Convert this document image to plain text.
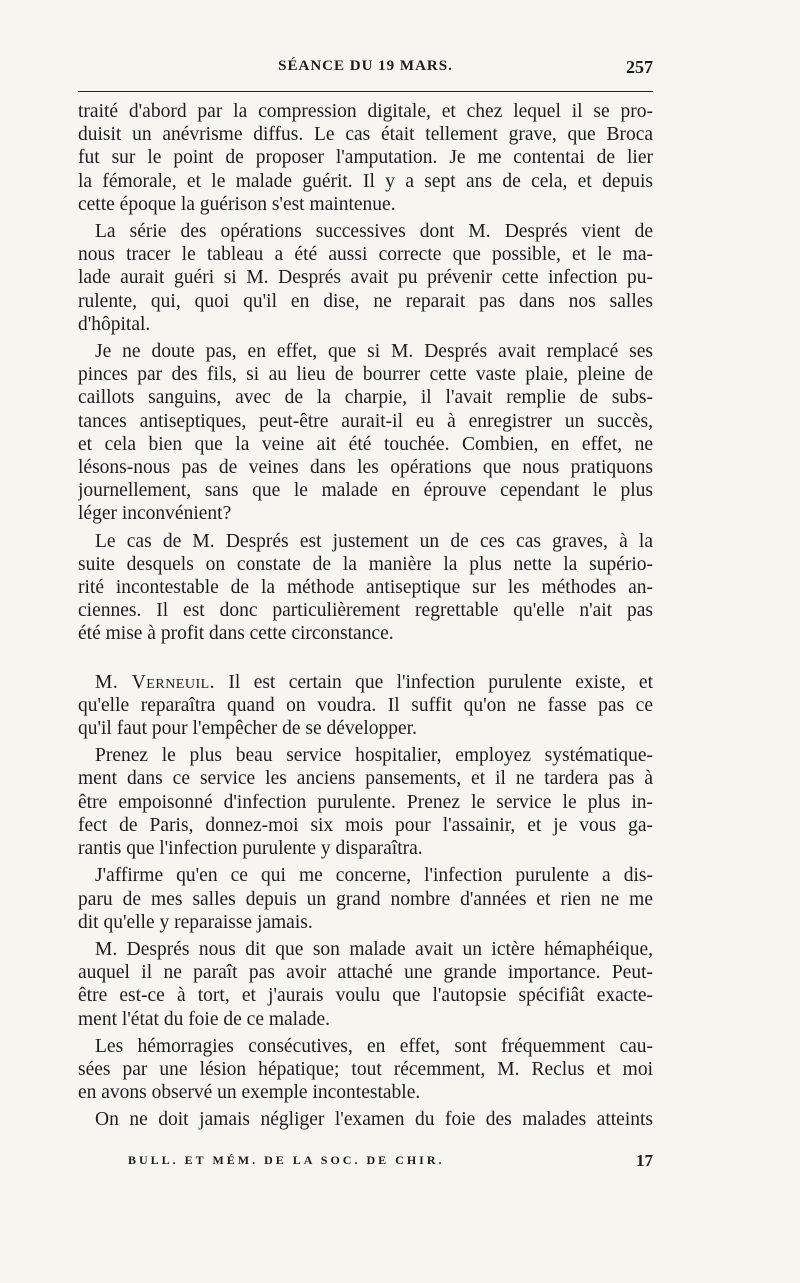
SÉANCE DU 19 MARS.	257
traité d'abord par la compression digitale, et chez lequel il se pro-
duisit un anévrisme diffus. Le cas était tellement grave, que Broca
fut sur le point de proposer l'amputation. Je me contentai de lier
la fémorale, et le malade guérit. Il y a sept ans de cela, et depuis
cette époque la guérison s'est maintenue.
La série des opérations successives dont M. Després vient de
nous tracer le tableau a été aussi correcte que possible, et le ma-
lade aurait guéri si M. Després avait pu prévenir cette infection pu-
rulente, qui, quoi qu'il en dise, ne reparait pas dans nos salles
d'hôpital.
Je ne doute pas, en effet, que si M. Després avait remplacé ses
pinces par des fils, si au lieu de bourrer cette vaste plaie, pleine de
caillots sanguins, avec de la charpie, il l'avait remplie de subs-
tances antiseptiques, peut-être aurait-il eu à enregistrer un succès,
et cela bien que la veine ait été touchée. Combien, en effet, ne
lésons-nous pas de veines dans les opérations que nous pratiquons
journellement, sans que le malade en éprouve cependant le plus
léger inconvénient?
Le cas de M. Després est justement un de ces cas graves, à la
suite desquels on constate de la manière la plus nette la supério-
rité incontestable de la méthode antiseptique sur les méthodes an-
ciennes. Il est donc particulièrement regrettable qu'elle n'ait pas
été mise à profit dans cette circonstance.
M. Verneuil. Il est certain que l'infection purulente existe, et
qu'elle reparaîtra quand on voudra. Il suffit qu'on ne fasse pas ce
qu'il faut pour l'empêcher de se développer.
Prenez le plus beau service hospitalier, employez systématique-
ment dans ce service les anciens pansements, et il ne tardera pas à
être empoisonné d'infection purulente. Prenez le service le plus in-
fect de Paris, donnez-moi six mois pour l'assainir, et je vous ga-
rantis que l'infection purulente y disparaîtra.
J'affirme qu'en ce qui me concerne, l'infection purulente a dis-
paru de mes salles depuis un grand nombre d'années et rien ne me
dit qu'elle y reparaisse jamais.
M. Després nous dit que son malade avait un ictère hémaphéique,
auquel il ne paraît pas avoir attaché une grande importance. Peut-
être est-ce à tort, et j'aurais voulu que l'autopsie spécifiât exacte-
ment l'état du foie de ce malade.
Les hémorragies consécutives, en effet, sont fréquemment cau-
sées par une lésion hépatique; tout récemment, M. Reclus et moi
en avons observé un exemple incontestable.
On ne doit jamais négliger l'examen du foie des malades atteints
BULL. ET MÉM. DE LA SOC. DE CHIR.	17
